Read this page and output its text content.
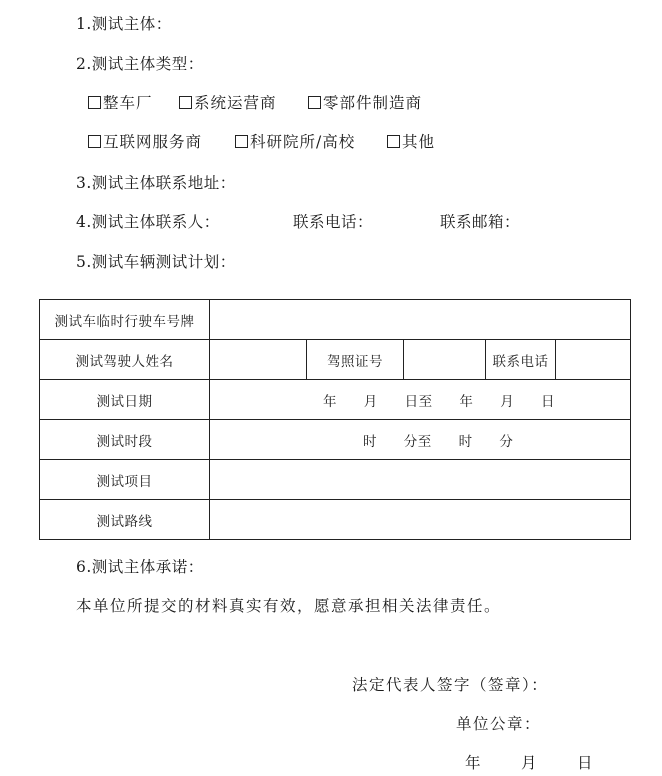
1.测试主体：
2.测试主体类型：
整车厂	系统运营商	零部件制造商
互联网服务商	科研院所/高校	其他
3.测试主体联系地址：
4.测试主体联系人：	联系电话：	联系邮箱：
5.测试车辆测试计划：
测试车临时行驶车号牌					
测试驾驶人姓名		驾照证号		联系电话	
测试日期	年 月 日至 年 月 日				
测试时段	时 分至 时 分				
测试项目					
测试路线					
6.测试主体承诺：
本单位所提交的材料真实有效，愿意承担相关法律责任。
法定代表人签字（签章）：
单位公章：
年	月	日
